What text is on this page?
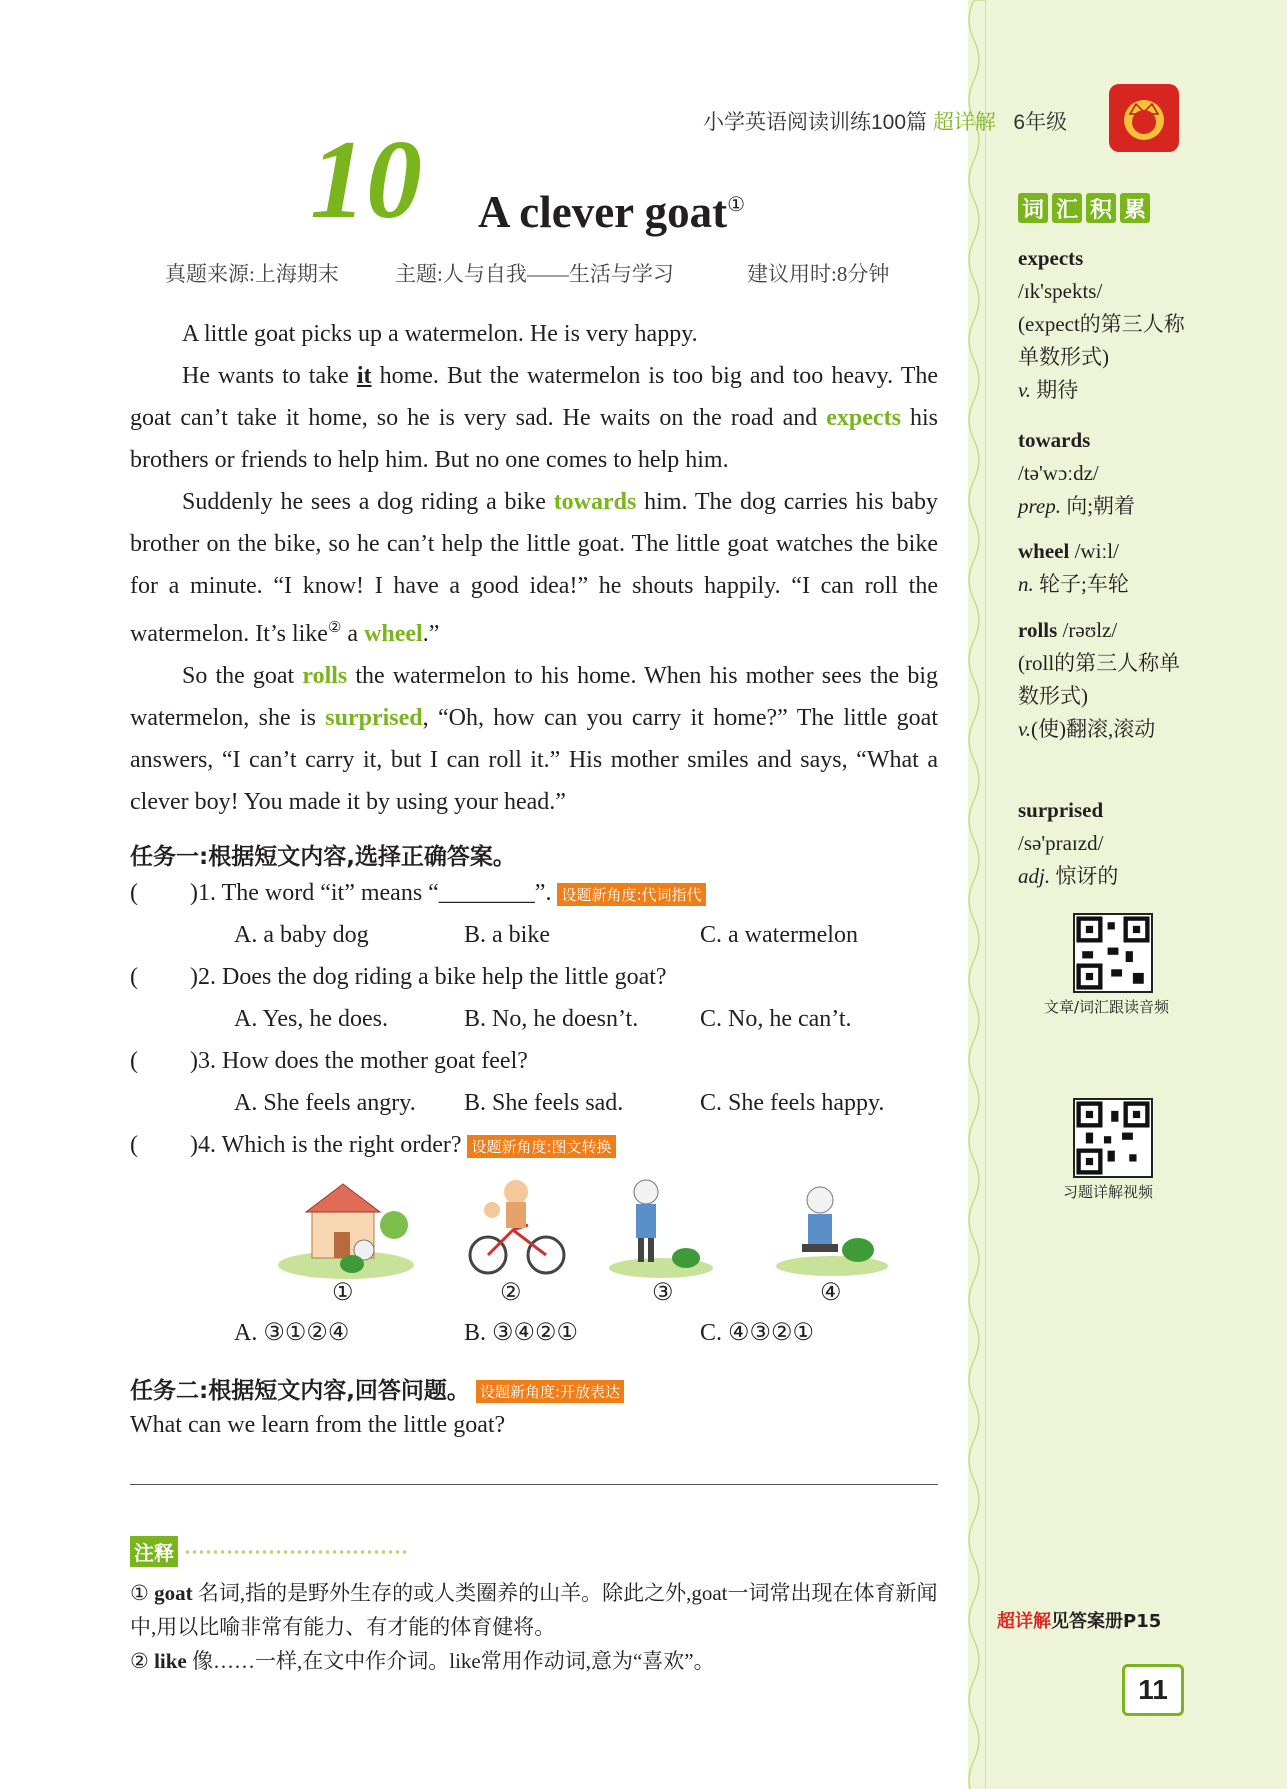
小学英语阅读训练100篇 超详解 6年级
10 A clever goat①
真题来源:上海期末	主题:人与自我——生活与学习	建议用时:8分钟

A little goat picks up a watermelon. He is very happy.

He wants to take it home. But the watermelon is too big and too heavy. The goat can’t take it home, so he is very sad. He waits on the road and expects his brothers or friends to help him. But no one comes to help him.

Suddenly he sees a dog riding a bike towards him. The dog carries his baby brother on the bike, so he can’t help the little goat. The little goat watches the bike for a minute. “I know! I have a good idea!” he shouts happily. “I can roll the watermelon. It’s like② a wheel.”

So the goat rolls the watermelon to his home. When his mother sees the big watermelon, she is surprised, “Oh, how can you carry it home?” The little goat answers, “I can’t carry it, but I can roll it.” His mother smiles and says, “What a clever boy! You made it by using your head.”

任务一:根据短文内容,选择正确答案。
( ) 1. The word “it” means “________”. 设题新角度:代词指代
A. a baby dog	B. a bike	C. a watermelon
( ) 2. Does the dog riding a bike help the little goat?
A. Yes, he does.	B. No, he doesn’t.	C. No, he can’t.
( ) 3. How does the mother goat feel?
A. She feels angry. B. She feels sad.	C. She feels happy.
( ) 4. Which is the right order? 设题新角度:图文转换
①	②	③	④
A. ③①②④	B. ③④②①	C. ④③②①
任务二:根据短文内容,回答问题。 设题新角度:开放表达
What can we learn from the little goat?
注释
① goat 名词,指的是野外生存的或人类圈养的山羊。除此之外,goat一词常出现在体育新闻中,用以比喻非常有能力、有才能的体育健将。
② like 像……一样,在文中作介词。like常用作动词,意为“喜欢”。
词 汇 积 累
expects
/ɪk'spekts/
(expect的第三人称单数形式)
v. 期待
towards
/tə'wɔːdz/
prep. 向;朝着
wheel /wiːl/
n. 轮子;车轮
rolls /rəʊlz/
(roll的第三人称单数形式)
v.(使)翻滚,滚动
surprised
/sə'praɪzd/
adj. 惊讶的
文章/词汇跟读音频
习题详解视频
超详解见答案册P15
11
